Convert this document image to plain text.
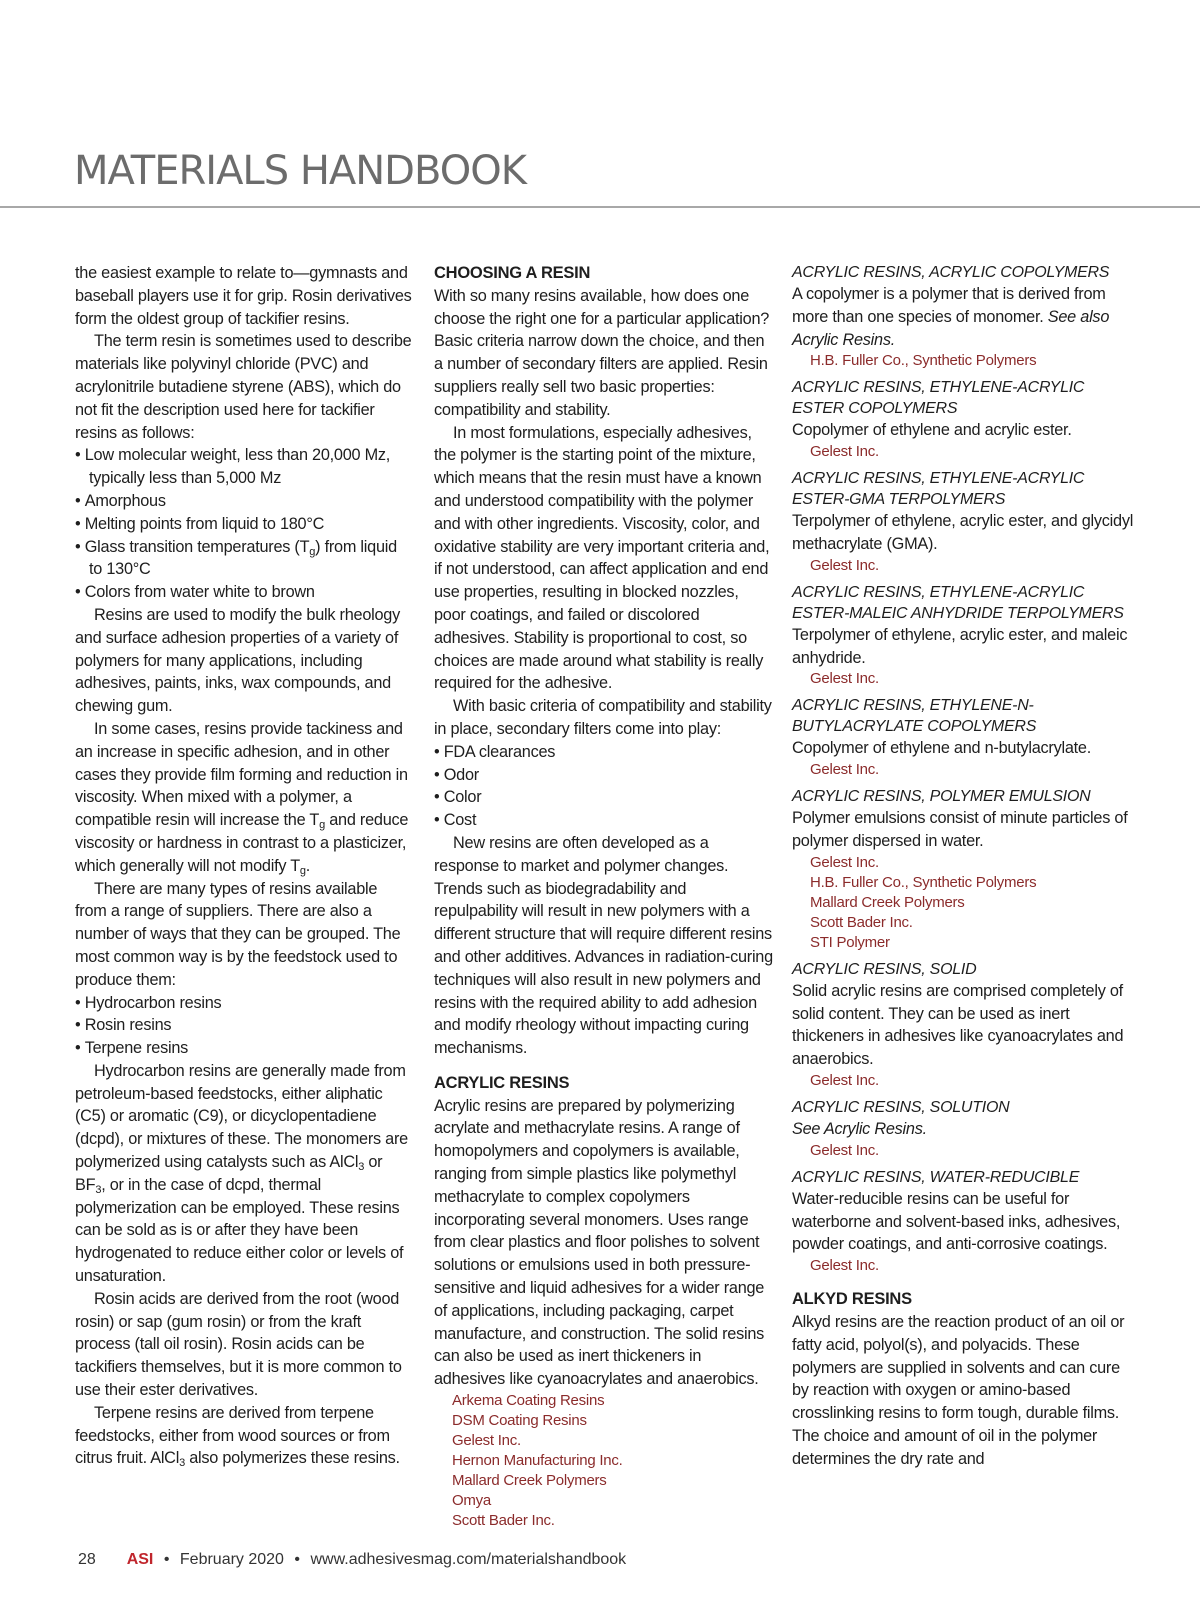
MATERIALS HANDBOOK

the easiest example to relate to—gymnasts and baseball players use it for grip. Rosin derivatives form the oldest group of tackifier resins.

The term resin is sometimes used to describe materials like polyvinyl chloride (PVC) and acrylonitrile butadiene styrene (ABS), which do not fit the description used here for tackifier resins as follows:

• Low molecular weight, less than 20,000 Mz, typically less than 5,000 Mz

• Amorphous

• Melting points from liquid to 180°C

• Glass transition temperatures $(T_g)$ from liquid to 130°C

• Colors from water white to brown

Resins are used to modify the bulk rheology and surface adhesion properties of a variety of polymers for many applications, including adhesives, paints, inks, wax compounds, and chewing gum.

In some cases, resins provide tackiness and an increase in specific adhesion, and in other cases they provide film forming and reduction in viscosity. When mixed with a polymer, a compatible resin will increase the $T_g$ and reduce viscosity or hardness in contrast to a plasticizer, which generally will not modify $T_g$.

There are many types of resins available from a range of suppliers. There are also a number of ways that they can be grouped. The most common way is by the feedstock used to produce them:

• Hydrocarbon resins

• Rosin resins

• Terpene resins

Hydrocarbon resins are generally made from petroleum-based feedstocks, either aliphatic (C5) or aromatic (C9), or dicyclopentadiene (dcpd), or mixtures of these. The monomers are polymerized using catalysts such as AlCl$_3$ or $BF_3$, or in the case of dcpd, thermal polymerization can be employed. These resins can be sold as is or after they have been hydrogenated to reduce either color or levels of unsaturation.

Rosin acids are derived from the root (wood rosin) or sap (gum rosin) or from the kraft process (tall oil rosin). Rosin acids can be tackifiers themselves, but it is more common to use their ester derivatives.

Terpene resins are derived from terpene feedstocks, either from wood sources or from citrus fruit. AlCl$_3$ also polymerizes these resins.

CHOOSING A RESIN

With so many resins available, how does one choose the right one for a particular application? Basic criteria narrow down the choice, and then a number of secondary filters are applied. Resin suppliers really sell two basic properties: compatibility and stability.

In most formulations, especially adhesives, the polymer is the starting point of the mixture, which means that the resin must have a known and understood compatibility with the polymer and with other ingredients. Viscosity, color, and oxidative stability are very important criteria and, if not understood, can affect application and end use properties, resulting in blocked nozzles, poor coatings, and failed or discolored adhesives. Stability is proportional to cost, so choices are made around what stability is really required for the adhesive.

With basic criteria of compatibility and stability in place, secondary filters come into play:

• FDA clearances

• Odor

• Color

• Cost

New resins are often developed as a response to market and polymer changes. Trends such as biodegradability and repulpability will result in new polymers with a different structure that will require different resins and other additives. Advances in radiation-curing techniques will also result in new polymers and resins with the required ability to add adhesion and modify rheology without impacting curing mechanisms.

ACRYLIC RESINS

Acrylic resins are prepared by polymerizing acrylate and methacrylate resins. A range of homopolymers and copolymers is available, ranging from simple plastics like polymethyl methacrylate to complex copolymers incorporating several monomers. Uses range from clear plastics and floor polishes to solvent solutions or emulsions used in both pressure-sensitive and liquid adhesives for a wider range of applications, including packaging, carpet manufacture, and construction. The solid resins can also be used as inert thickeners in adhesives like cyanoacrylates and anaerobics.

Arkema Coating Resins
DSM Coating Resins
Gelest Inc.
Hernon Manufacturing Inc.
Mallard Creek Polymers
Omya
Scott Bader Inc.

ACRYLIC RESINS, ACRYLIC COPOLYMERS

A copolymer is a polymer that is derived from more than one species of monomer. See also Acrylic Resins.

H.B. Fuller Co., Synthetic Polymers

ACRYLIC RESINS, ETHYLENE-ACRYLIC ESTER COPOLYMERS

Copolymer of ethylene and acrylic ester.

Gelest Inc.

ACRYLIC RESINS, ETHYLENE-ACRYLIC ESTER-GMA TERPOLYMERS

Terpolymer of ethylene, acrylic ester, and glycidyl methacrylate (GMA).

Gelest Inc.

ACRYLIC RESINS, ETHYLENE-ACRYLIC ESTER-MALEIC ANHYDRIDE TERPOLYMERS

Terpolymer of ethylene, acrylic ester, and maleic anhydride.

Gelest Inc.

ACRYLIC RESINS, ETHYLENE-N-BUTYLACRYLATE COPOLYMERS

Copolymer of ethylene and n-butylacrylate.

Gelest Inc.

ACRYLIC RESINS, POLYMER EMULSION

Polymer emulsions consist of minute particles of polymer dispersed in water.

Gelest Inc.
H.B. Fuller Co., Synthetic Polymers
Mallard Creek Polymers
Scott Bader Inc.
STI Polymer

ACRYLIC RESINS, SOLID

Solid acrylic resins are comprised completely of solid content. They can be used as inert thickeners in adhesives like cyanoacrylates and anaerobics.

Gelest Inc.

ACRYLIC RESINS, SOLUTION

See Acrylic Resins.

Gelest Inc.

ACRYLIC RESINS, WATER-REDUCIBLE

Water-reducible resins can be useful for waterborne and solvent-based inks, adhesives, powder coatings, and anti-corrosive coatings.

Gelest Inc.

ALKYD RESINS

Alkyd resins are the reaction product of an oil or fatty acid, polyol(s), and polyacids. These polymers are supplied in solvents and can cure by reaction with oxygen or amino-based crosslinking resins to form tough, durable films. The choice and amount of oil in the polymer determines the dry rate and

28 ASI • February 2020 • www.adhesivesmag.com/materialshandbook
